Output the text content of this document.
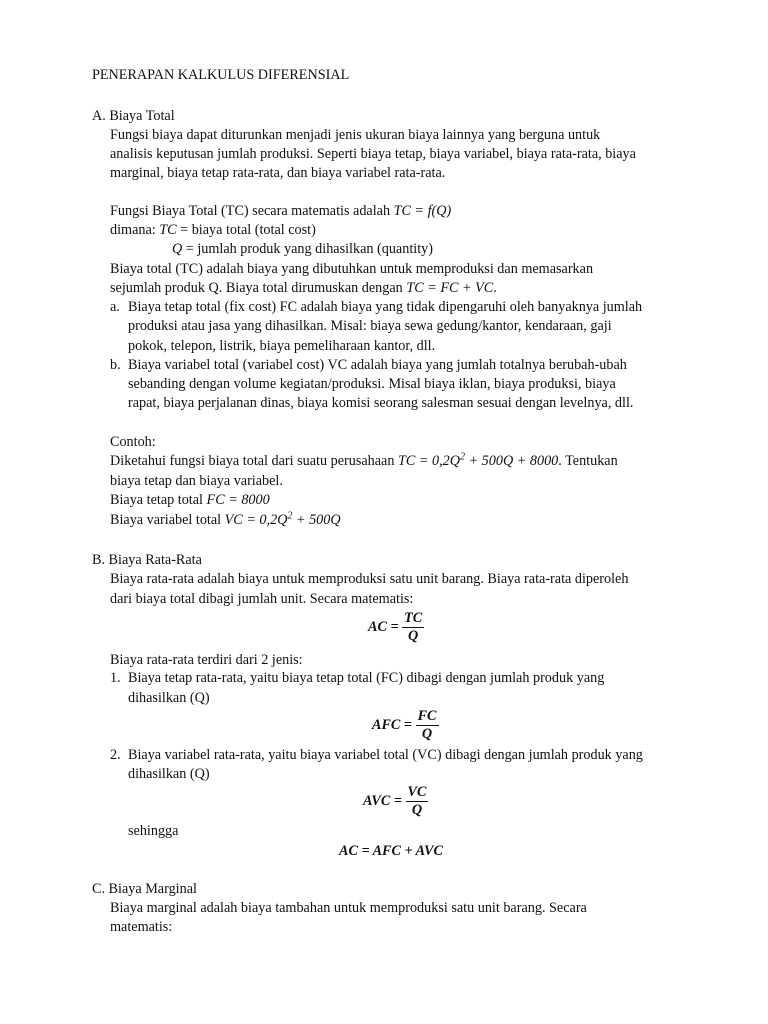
PENERAPAN KALKULUS DIFERENSIAL
A. Biaya Total
Fungsi biaya dapat diturunkan menjadi jenis ukuran biaya lainnya yang berguna untuk
analisis keputusan jumlah produksi. Seperti biaya tetap, biaya variabel, biaya rata-rata, biaya
marginal, biaya tetap rata-rata, dan biaya variabel rata-rata.
Fungsi Biaya Total (TC) secara matematis adalah TC = f(Q)
dimana: TC = biaya total (total cost)
Q = jumlah produk yang dihasilkan (quantity)
Biaya total (TC) adalah biaya yang dibutuhkan untuk memproduksi dan memasarkan
sejumlah produk Q. Biaya total dirumuskan dengan TC = FC + VC.
a. Biaya tetap total (fix cost) FC adalah biaya yang tidak dipengaruhi oleh banyaknya jumlah
produksi atau jasa yang dihasilkan. Misal: biaya sewa gedung/kantor, kendaraan, gaji
pokok, telepon, listrik, biaya pemeliharaan kantor, dll.
b. Biaya variabel total (variabel cost) VC adalah biaya yang jumlah totalnya berubah-ubah
sebanding dengan volume kegiatan/produksi. Misal biaya iklan, biaya produksi, biaya
rapat, biaya perjalanan dinas, biaya komisi seorang salesman sesuai dengan levelnya, dll.
Contoh:
Diketahui fungsi biaya total dari suatu perusahaan TC = $0,2Q^2 + 500Q + 8000$. Tentukan
biaya tetap dan biaya variabel.
Biaya tetap total FC = 8000
Biaya variabel total VC = $0,2Q^2 + 500Q$
B. Biaya Rata-Rata
Biaya rata-rata adalah biaya untuk memproduksi satu unit barang. Biaya rata-rata diperoleh
dari biaya total dibagi jumlah unit. Secara matematis:
AC = $\frac{TC}{Q}$
Biaya rata-rata terdiri dari 2 jenis:
1. Biaya tetap rata-rata, yaitu biaya tetap total (FC) dibagi dengan jumlah produk yang
dihasilkan (Q)
AFC = $\frac{FC}{Q}$
2. Biaya variabel rata-rata, yaitu biaya variabel total (VC) dibagi dengan jumlah produk yang
dihasilkan (Q)
AVC = $\frac{VC}{Q}$
sehingga
AC = AFC + AVC
C. Biaya Marginal
Biaya marginal adalah biaya tambahan untuk memproduksi satu unit barang. Secara
matematis:
